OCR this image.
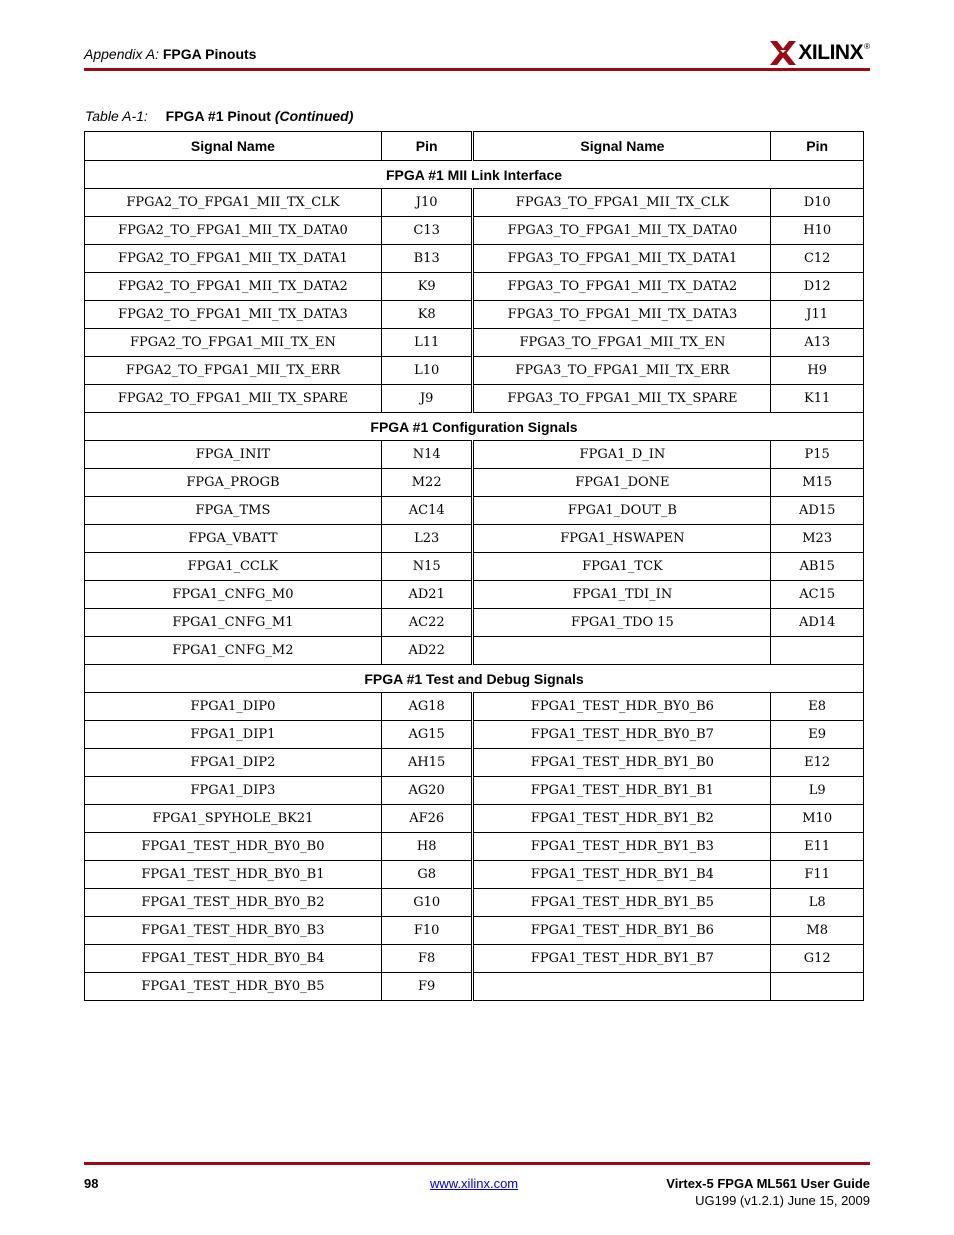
Appendix A: FPGA Pinouts	XILINX ®
Table A-1: FPGA #1 Pinout (Continued)
Signal Name	Pin	Signal Name	Pin
FPGA #1 MII Link Interface			
FPGA2_TO_FPGA1_MII_TX_CLK	J10	FPGA3_TO_FPGA1_MII_TX_CLK	D10
FPGA2_TO_FPGA1_MII_TX_DATA0	C13	FPGA3_TO_FPGA1_MII_TX_DATA0	H10
FPGA2_TO_FPGA1_MII_TX_DATA1	B13	FPGA3_TO_FPGA1_MII_TX_DATA1	C12
FPGA2_TO_FPGA1_MII_TX_DATA2	K9	FPGA3_TO_FPGA1_MII_TX_DATA2	D12
FPGA2_TO_FPGA1_MII_TX_DATA3	K8	FPGA3_TO_FPGA1_MII_TX_DATA3	J11
FPGA2_TO_FPGA1_MII_TX_EN	L11	FPGA3_TO_FPGA1_MII_TX_EN	A13
FPGA2_TO_FPGA1_MII_TX_ERR	L10	FPGA3_TO_FPGA1_MII_TX_ERR	H9
FPGA2_TO_FPGA1_MII_TX_SPARE	J9	FPGA3_TO_FPGA1_MII_TX_SPARE	K11
FPGA #1 Configuration Signals			
FPGA_INIT	N14	FPGA1_D_IN	P15
FPGA_PROGB	M22	FPGA1_DONE	M15
FPGA_TMS	AC14	FPGA1_DOUT_B	AD15
FPGA_VBATT	L23	FPGA1_HSWAPEN	M23
FPGA1_CCLK	N15	FPGA1_TCK	AB15
FPGA1_CNFG_M0	AD21	FPGA1_TDI_IN	AC15
FPGA1_CNFG_M1	AC22	FPGA1_TDO 15	AD14
FPGA1_CNFG_M2	AD22		
FPGA #1 Test and Debug Signals			
FPGA1_DIP0	AG18	FPGA1_TEST_HDR_BY0_B6	E8
FPGA1_DIP1	AG15	FPGA1_TEST_HDR_BY0_B7	E9
FPGA1_DIP2	AH15	FPGA1_TEST_HDR_BY1_B0	E12
FPGA1_DIP3	AG20	FPGA1_TEST_HDR_BY1_B1	L9
FPGA1_SPYHOLE_BK21	AF26	FPGA1_TEST_HDR_BY1_B2	M10
FPGA1_TEST_HDR_BY0_B0	H8	FPGA1_TEST_HDR_BY1_B3	E11
FPGA1_TEST_HDR_BY0_B1	G8	FPGA1_TEST_HDR_BY1_B4	F11
FPGA1_TEST_HDR_BY0_B2	G10	FPGA1_TEST_HDR_BY1_B5	L8
FPGA1_TEST_HDR_BY0_B3	F10	FPGA1_TEST_HDR_BY1_B6	M8
FPGA1_TEST_HDR_BY0_B4	F8	FPGA1_TEST_HDR_BY1_B7	G12
FPGA1_TEST_HDR_BY0_B5	F9		
98	www.xilinx.com	Virtex-5 FPGA ML561 User Guide
UG199 (v1.2.1) June 15, 2009
